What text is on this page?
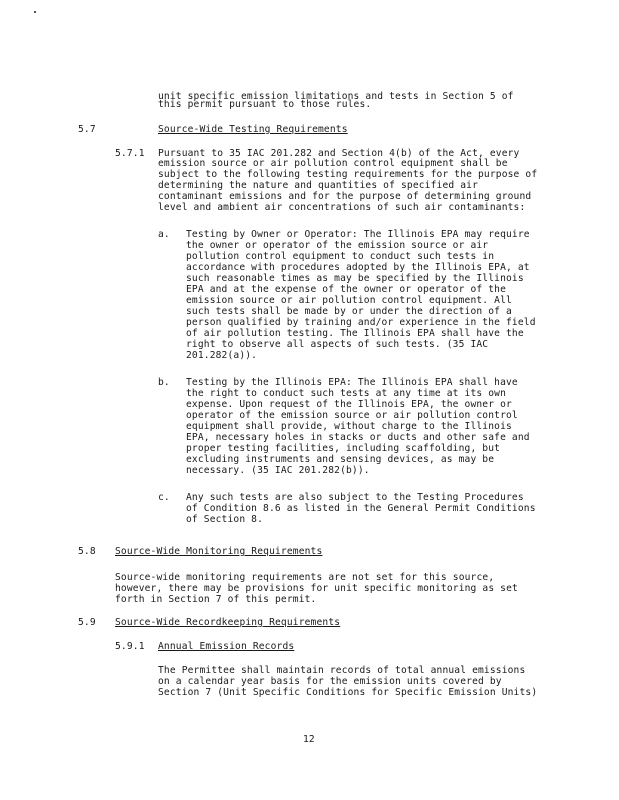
unit specific emission limitations and tests in Section 5 of
this permit pursuant to those rules.
5.7	Source-Wide Testing Requirements
5.7.1 Pursuant to 35 IAC 201.282 and Section 4(b) of the Act, every
emission source or air pollution control equipment shall be
subject to the following testing requirements for the purpose of
determining the nature and quantities of specified air
contaminant emissions and for the purpose of determining ground
level and ambient air concentrations of such air contaminants:
a. Testing by Owner or Operator: The Illinois EPA may require
the owner or operator of the emission source or air
pollution control equipment to conduct such tests in
accordance with procedures adopted by the Illinois EPA, at
such reasonable times as may be specified by the Illinois
EPA and at the expense of the owner or operator of the
emission source or air pollution control equipment. All
such tests shall be made by or under the direction of a
person qualified by training and/or experience in the field
of air pollution testing. The Illinois EPA shall have the
right to observe all aspects of such tests. (35 IAC
201.282(a)).
b. Testing by the Illinois EPA: The Illinois EPA shall have
the right to conduct such tests at any time at its own
expense. Upon request of the Illinois EPA, the owner or
operator of the emission source or air pollution control
equipment shall provide, without charge to the Illinois
EPA, necessary holes in stacks or ducts and other safe and
proper testing facilities, including scaffolding, but
excluding instruments and sensing devices, as may be
necessary. (35 IAC 201.282(b)).
c. Any such tests are also subject to the Testing Procedures
of Condition 8.6 as listed in the General Permit Conditions
of Section 8.
5.8 Source-Wide Monitoring Requirements
Source-wide monitoring requirements are not set for this source,
however, there may be provisions for unit specific monitoring as set
forth in Section 7 of this permit.
5.9 Source-Wide Recordkeeping Requirements
5.9.1 Annual Emission Records
The Permittee shall maintain records of total annual emissions
on a calendar year basis for the emission units covered by
Section 7 (Unit Specific Conditions for Specific Emission Units)
12
